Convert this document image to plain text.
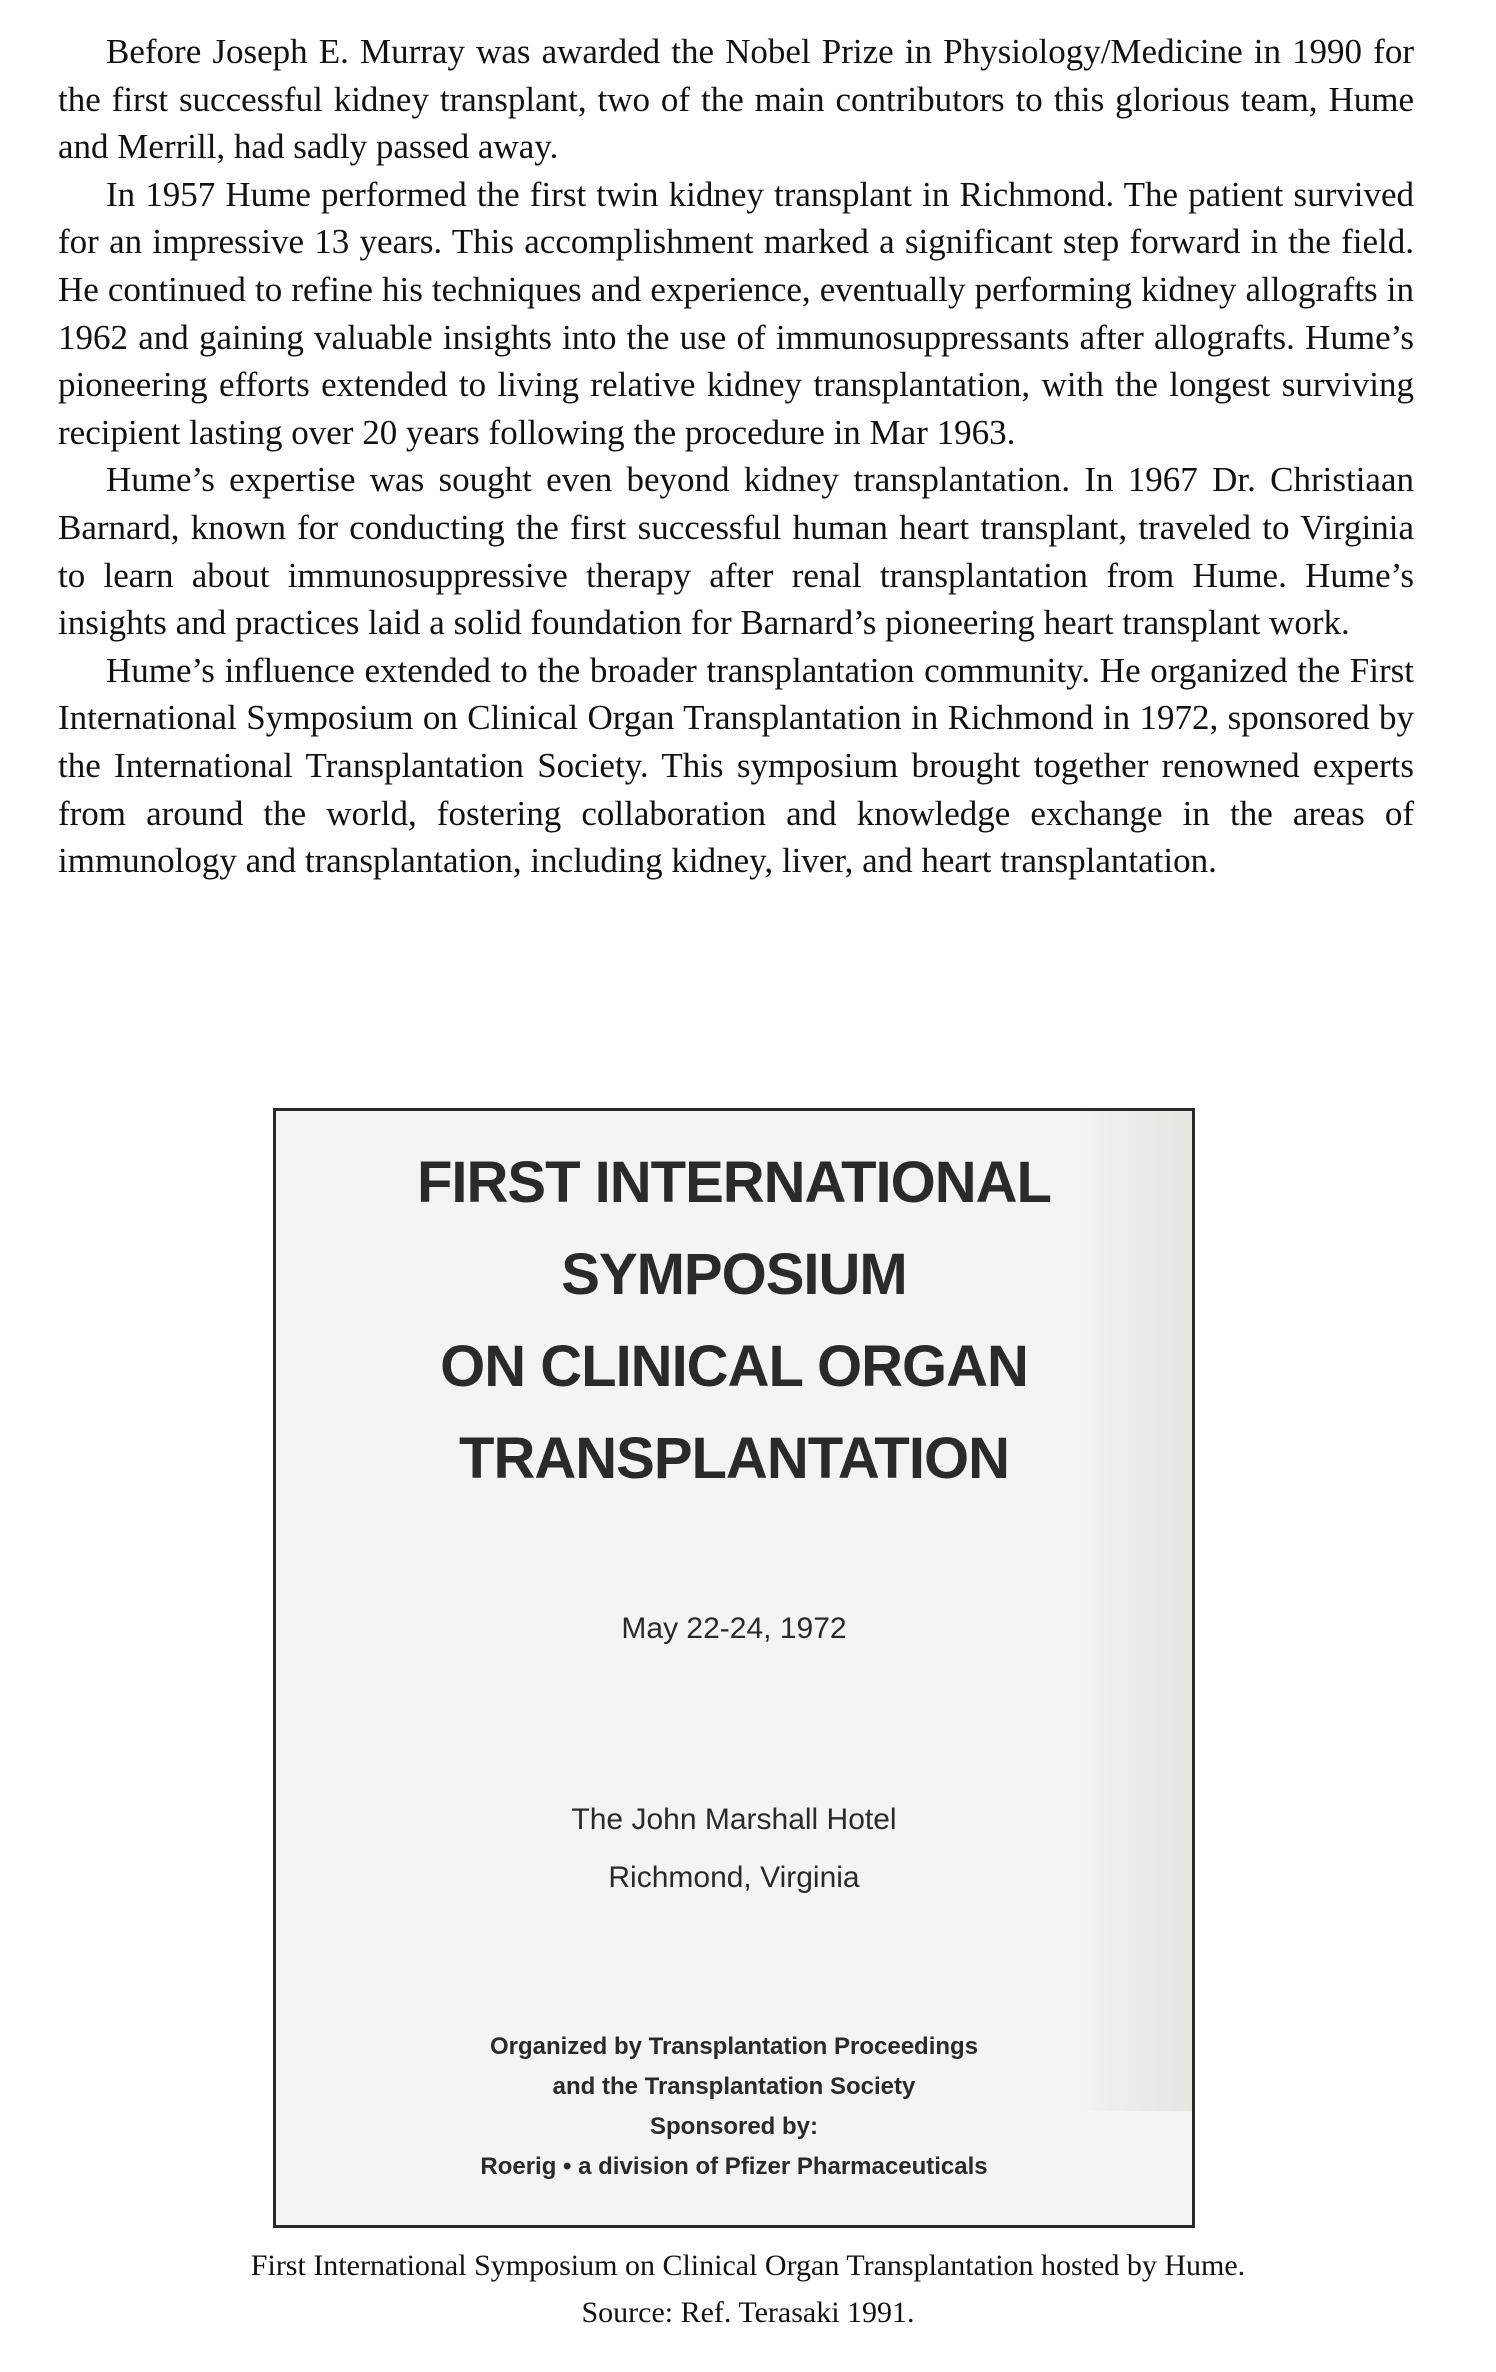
Before Joseph E. Murray was awarded the Nobel Prize in Physiology/Medicine in 1990 for the first successful kidney transplant, two of the main contributors to this glorious team, Hume and Merrill, had sadly passed away.

In 1957 Hume performed the first twin kidney transplant in Richmond. The patient survived for an impressive 13 years. This accomplishment marked a significant step forward in the field. He continued to refine his techniques and experience, eventually performing kidney allografts in 1962 and gaining valuable insights into the use of immunosuppressants after allografts. Hume’s pioneering efforts extended to living relative kidney transplantation, with the longest surviving recipient lasting over 20 years following the procedure in Mar 1963.

Hume’s expertise was sought even beyond kidney transplantation. In 1967 Dr. Christiaan Barnard, known for conducting the first successful human heart transplant, traveled to Virginia to learn about immunosuppressive therapy after renal transplantation from Hume. Hume’s insights and practices laid a solid foundation for Barnard’s pioneering heart transplant work.

Hume’s influence extended to the broader transplantation community. He organized the First International Symposium on Clinical Organ Transplantation in Richmond in 1972, sponsored by the International Transplantation Society. This symposium brought together renowned experts from around the world, fostering collaboration and knowledge exchange in the areas of immunology and transplantation, including kidney, liver, and heart transplantation.

FIRST INTERNATIONAL
SYMPOSIUM
ON CLINICAL ORGAN
TRANSPLANTATION
May 22-24, 1972
The John Marshall Hotel
Richmond, Virginia
Organized by Transplantation Proceedings
and the Transplantation Society
Sponsored by:
Roerig • a division of Pfizer Pharmaceuticals
First International Symposium on Clinical Organ Transplantation hosted by Hume.
Source: Ref. Terasaki 1991.
